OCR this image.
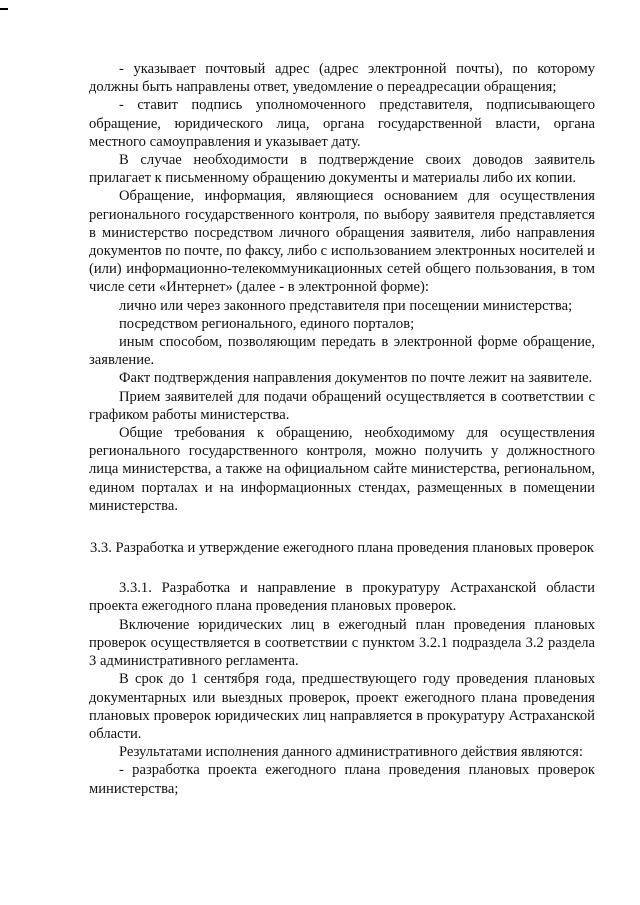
- указывает почтовый адрес (адрес электронной почты), по которому должны быть направлены ответ, уведомление о переадресации обращения;

- ставит подпись уполномоченного представителя, подписывающего обращение, юридического лица, органа государственной власти, органа местного самоуправления и указывает дату.

В случае необходимости в подтверждение своих доводов заявитель прилагает к письменному обращению документы и материалы либо их копии.

Обращение, информация, являющиеся основанием для осуществления регионального государственного контроля, по выбору заявителя представляется в министерство посредством личного обращения заявителя, либо направления документов по почте, по факсу, либо с использованием электронных носителей и (или) информационно-телекоммуникационных сетей общего пользования, в том числе сети «Интернет» (далее - в электронной форме):

лично или через законного представителя при посещении министерства;

посредством регионального, единого порталов;

иным способом, позволяющим передать в электронной форме обращение, заявление.

Факт подтверждения направления документов по почте лежит на заявителе.

Прием заявителей для подачи обращений осуществляется в соответствии с графиком работы министерства.

Общие требования к обращению, необходимому для осуществления регионального государственного контроля, можно получить у должностного лица министерства, а также на официальном сайте министерства, региональном, едином порталах и на информационных стендах, размещенных в помещении министерства.

3.3. Разработка и утверждение ежегодного плана проведения плановых проверок

3.3.1. Разработка и направление в прокуратуру Астраханской области проекта ежегодного плана проведения плановых проверок.

Включение юридических лиц в ежегодный план проведения плановых проверок осуществляется в соответствии с пунктом 3.2.1 подраздела 3.2 раздела 3 административного регламента.

В срок до 1 сентября года, предшествующего году проведения плановых документарных или выездных проверок, проект ежегодного плана проведения плановых проверок юридических лиц направляется в прокуратуру Астраханской области.

Результатами исполнения данного административного действия являются:

- разработка проекта ежегодного плана проведения плановых проверок министерства;
